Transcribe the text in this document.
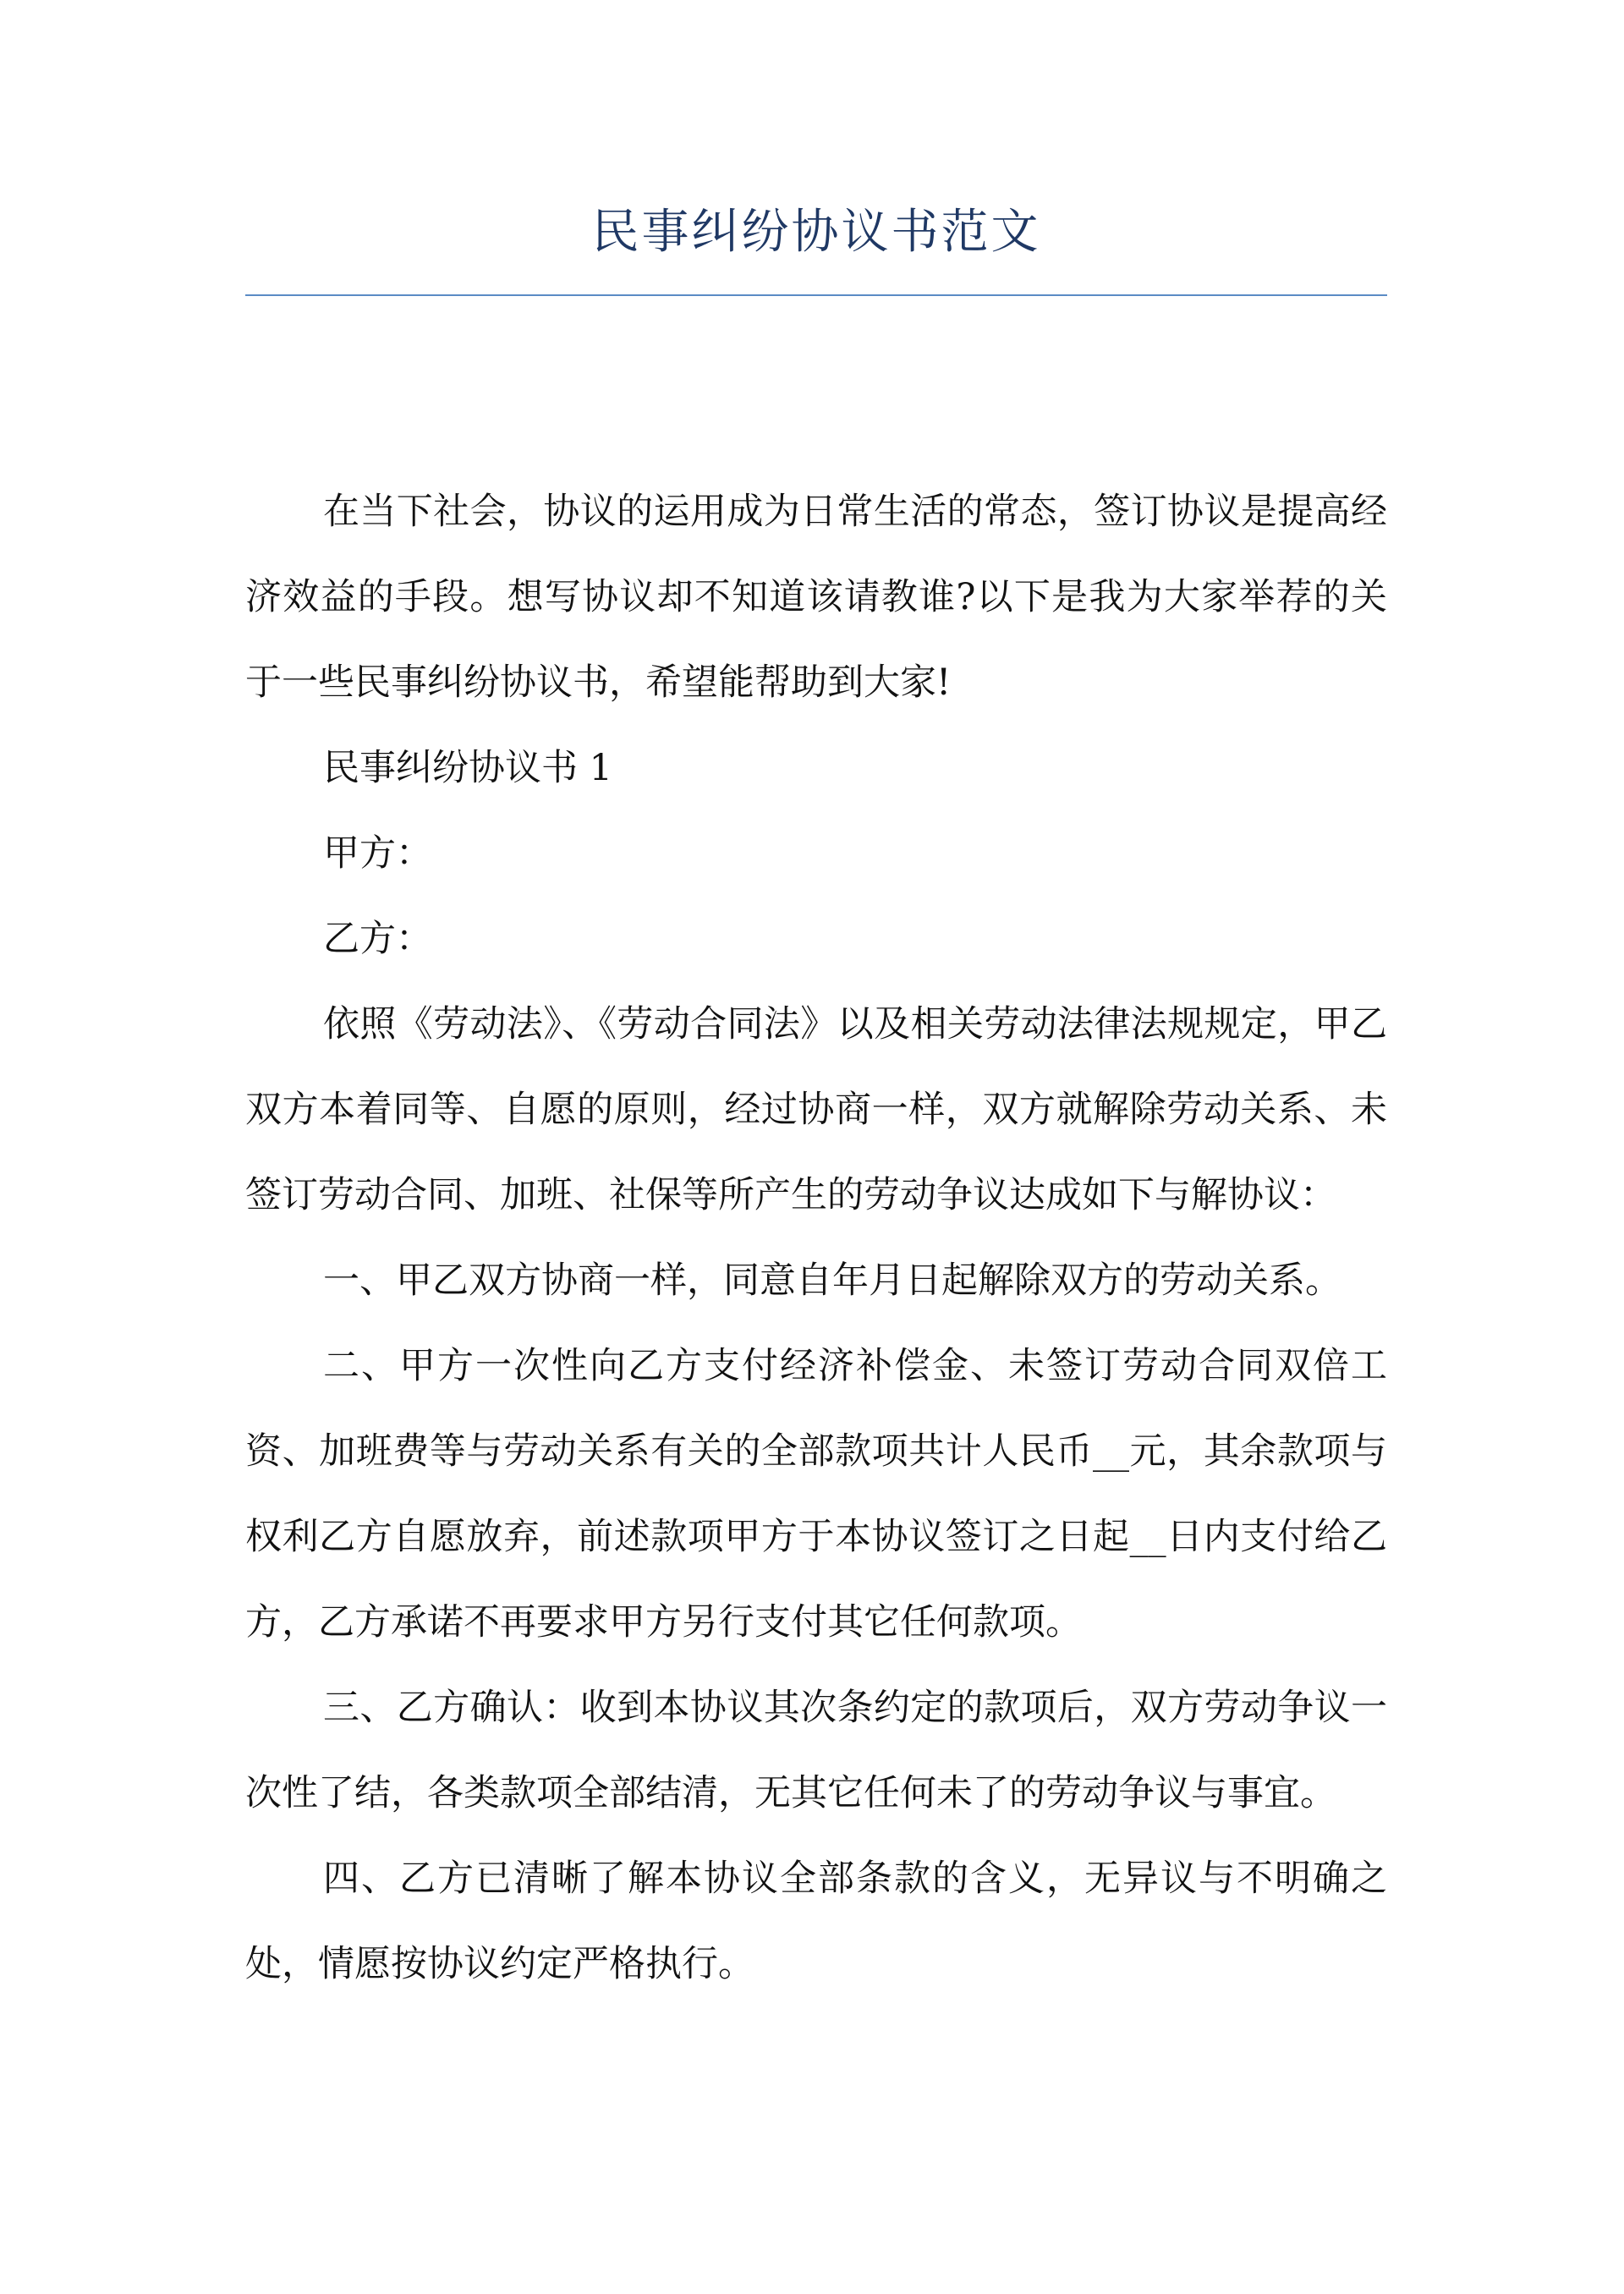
民事纠纷协议书范文

在当下社会，协议的运用成为日常生活的常态，签订协议是提高经济效益的手段。想写协议却不知道该请教谁?以下是我为大家举荐的关于一些民事纠纷协议书，希望能帮助到大家!

民事纠纷协议书 1

甲方：

乙方：

依照《劳动法》、《劳动合同法》以及相关劳动法律法规规定，甲乙双方本着同等、自愿的原则，经过协商一样，双方就解除劳动关系、未签订劳动合同、加班、社保等所产生的劳动争议达成如下与解协议：

一、甲乙双方协商一样，同意自年月日起解除双方的劳动关系。

二、甲方一次性向乙方支付经济补偿金、未签订劳动合同双倍工资、加班费等与劳动关系有关的全部款项共计人民币__元，其余款项与权利乙方自愿放弃，前述款项甲方于本协议签订之日起__日内支付给乙方，乙方承诺不再要求甲方另行支付其它任何款项。

三、乙方确认：收到本协议其次条约定的款项后，双方劳动争议一次性了结，各类款项全部结清，无其它任何未了的劳动争议与事宜。

四、乙方已清晰了解本协议全部条款的含义，无异议与不明确之处，情愿按协议约定严格执行。
